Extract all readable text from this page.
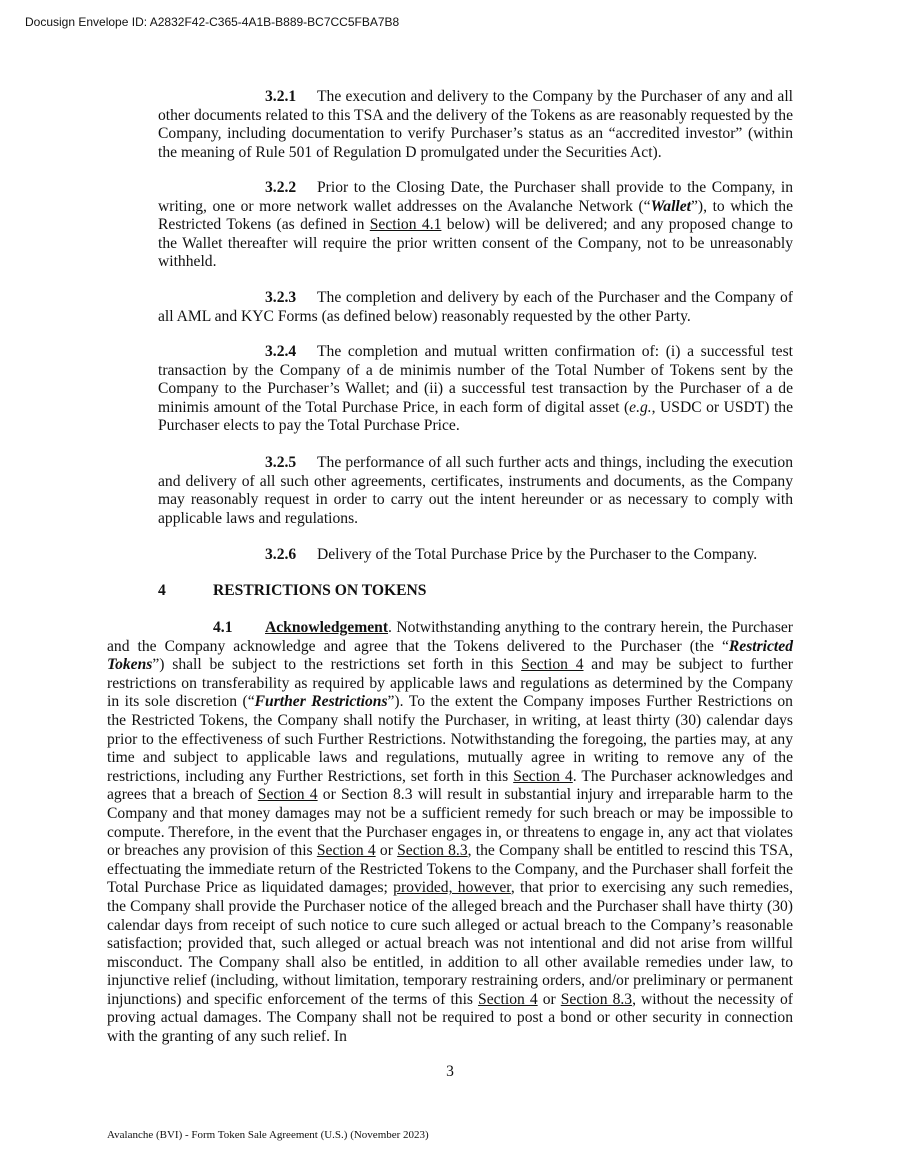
Docusign Envelope ID: A2832F42-C365-4A1B-B889-BC7CC5FBA7B8
3.2.1 The execution and delivery to the Company by the Purchaser of any and all other documents related to this TSA and the delivery of the Tokens as are reasonably requested by the Company, including documentation to verify Purchaser’s status as an “accredited investor” (within the meaning of Rule 501 of Regulation D promulgated under the Securities Act).
3.2.2 Prior to the Closing Date, the Purchaser shall provide to the Company, in writing, one or more network wallet addresses on the Avalanche Network (“Wallet”), to which the Restricted Tokens (as defined in Section 4.1 below) will be delivered; and any proposed change to the Wallet thereafter will require the prior written consent of the Company, not to be unreasonably withheld.
3.2.3 The completion and delivery by each of the Purchaser and the Company of all AML and KYC Forms (as defined below) reasonably requested by the other Party.
3.2.4 The completion and mutual written confirmation of: (i) a successful test transaction by the Company of a de minimis number of the Total Number of Tokens sent by the Company to the Purchaser’s Wallet; and (ii) a successful test transaction by the Purchaser of a de minimis amount of the Total Purchase Price, in each form of digital asset (e.g., USDC or USDT) the Purchaser elects to pay the Total Purchase Price.
3.2.5 The performance of all such further acts and things, including the execution and delivery of all such other agreements, certificates, instruments and documents, as the Company may reasonably request in order to carry out the intent hereunder or as necessary to comply with applicable laws and regulations.
3.2.6 Delivery of the Total Purchase Price by the Purchaser to the Company.
4	RESTRICTIONS ON TOKENS
4.1 Acknowledgement. Notwithstanding anything to the contrary herein, the Purchaser and the Company acknowledge and agree that the Tokens delivered to the Purchaser (the “Restricted Tokens”) shall be subject to the restrictions set forth in this Section 4 and may be subject to further restrictions on transferability as required by applicable laws and regulations as determined by the Company in its sole discretion (“Further Restrictions”). To the extent the Company imposes Further Restrictions on the Restricted Tokens, the Company shall notify the Purchaser, in writing, at least thirty (30) calendar days prior to the effectiveness of such Further Restrictions. Notwithstanding the foregoing, the parties may, at any time and subject to applicable laws and regulations, mutually agree in writing to remove any of the restrictions, including any Further Restrictions, set forth in this Section 4. The Purchaser acknowledges and agrees that a breach of Section 4 or Section 8.3 will result in substantial injury and irreparable harm to the Company and that money damages may not be a sufficient remedy for such breach or may be impossible to compute. Therefore, in the event that the Purchaser engages in, or threatens to engage in, any act that violates or breaches any provision of this Section 4 or Section 8.3, the Company shall be entitled to rescind this TSA, effectuating the immediate return of the Restricted Tokens to the Company, and the Purchaser shall forfeit the Total Purchase Price as liquidated damages; provided, however, that prior to exercising any such remedies, the Company shall provide the Purchaser notice of the alleged breach and the Purchaser shall have thirty (30) calendar days from receipt of such notice to cure such alleged or actual breach to the Company’s reasonable satisfaction; provided that, such alleged or actual breach was not intentional and did not arise from willful misconduct. The Company shall also be entitled, in addition to all other available remedies under law, to injunctive relief (including, without limitation, temporary restraining orders, and/or preliminary or permanent injunctions) and specific enforcement of the terms of this Section 4 or Section 8.3, without the necessity of proving actual damages. The Company shall not be required to post a bond or other security in connection with the granting of any such relief. In
3
Avalanche (BVI) - Form Token Sale Agreement (U.S.) (November 2023)
